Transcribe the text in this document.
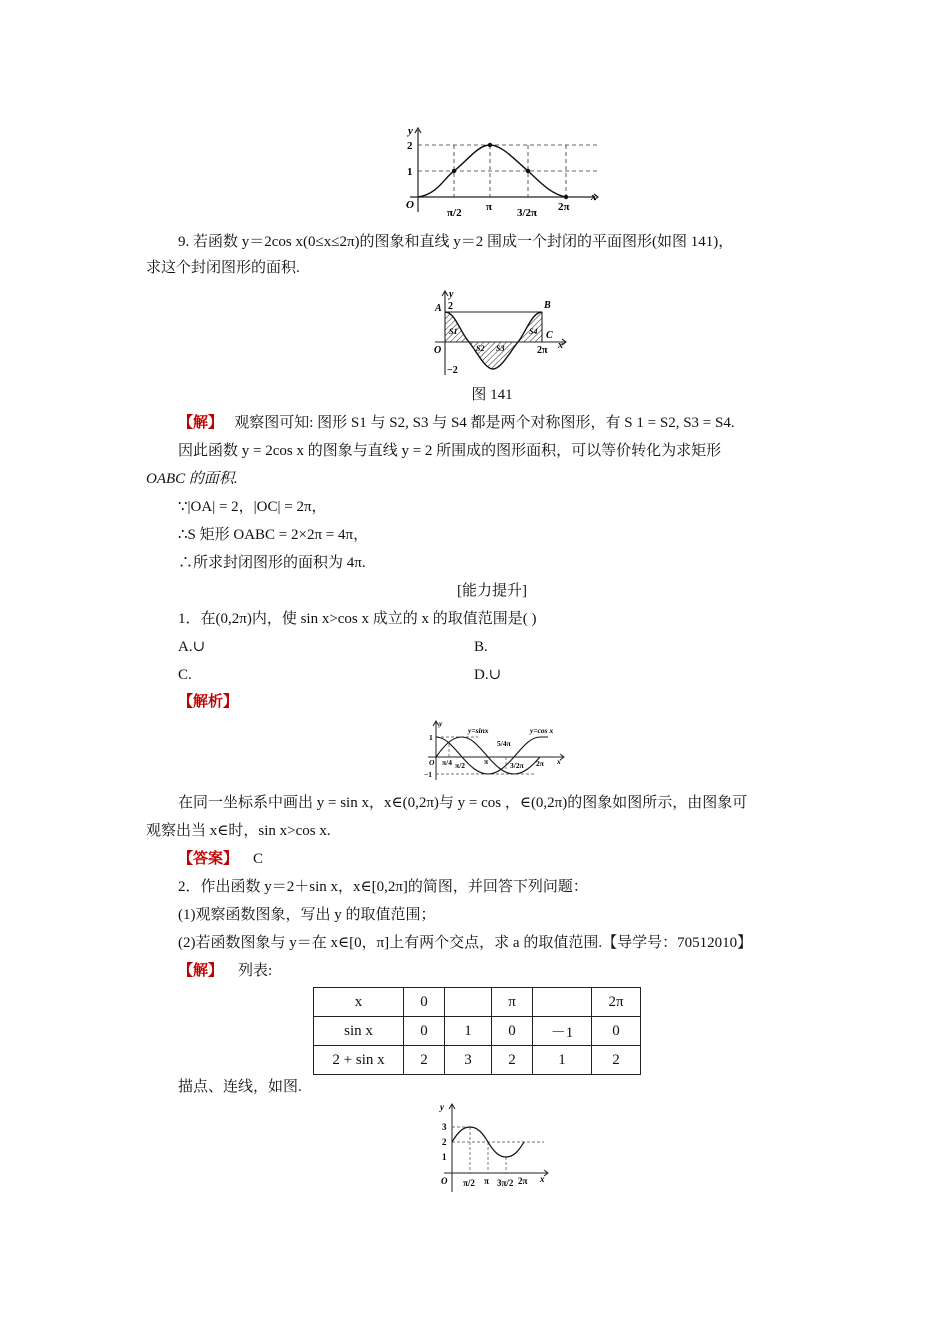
y
x
O
2
1
π/2 π 3/2π 2π
9. 若函数 y＝2cos x(0≤x≤2π)的图象和直线 y＝2 围成一个封闭的平面图形(如图 141)，
求这个封闭图形的面积.
A	B
C
O	x
y
S1
S2 S3
S4
2
−2
2π
图 141
【解】 观察图可知: 图形 S1 与 S2, S3 与 S4 都是两个对称图形，有 S 1 = S2, S3 = S4.
因此函数 y = 2cos x 的图象与直线 y = 2 所围成的图形面积，可以等价转化为求矩形
OABC 的面积.
∵|OA| = 2，|OC| = 2π，
∴S 矩形 OABC = 2×2π = 4π，
∴所求封闭图形的面积为 4π.
[能力提升]
1．在(0,2π)内，使 sin x>cos x 成立的 x 的取值范围是( )
A.∪	B.
C.	D.∪
【解析】
y=sinx	y=cos x
1
−1
O π/4 π/2	π
5/4π
3/2π 2π x
y
在同一坐标系中画出 y = sin x，x∈(0,2π)与 y = cos ，∈(0,2π)的图象如图所示，由图象可
观察出当 x∈时，sin x>cos x.
【答案】 C
2．作出函数 y＝2＋sin x，x∈[0,2π]的简图，并回答下列问题：
(1)观察函数图象，写出 y 的取值范围；
(2)若函数图象与 y＝在 x∈[0，π]上有两个交点，求 a 的取值范围.【导学号：70512010】
【解】 列表:
x	0		π		2π
sin x	0	1	0	－1	0
2 + sin x	2	3	2	1	2
描点、连线，如图.
3
2
1
O π/2 π 3π/2 2π x
y
